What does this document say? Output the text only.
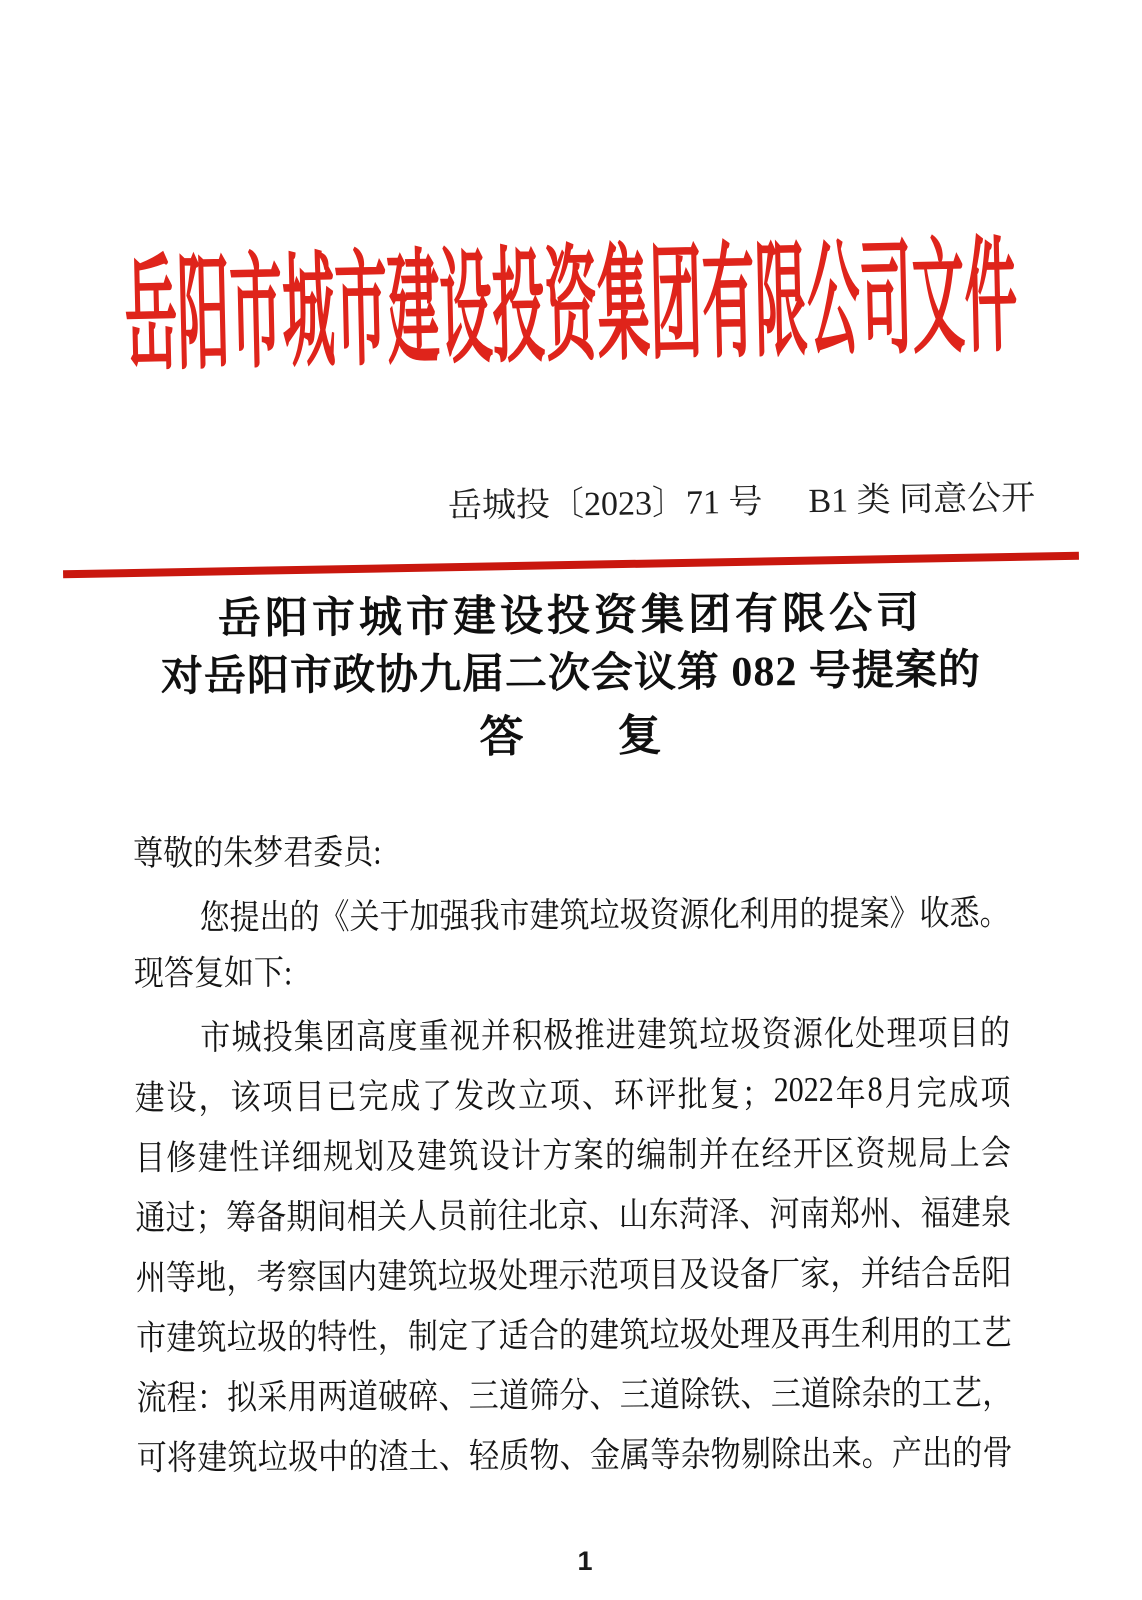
岳阳市城市建设投资集团有限公司文件
岳城投〔2023〕71 号 B1 类 同意公开
岳阳市城市建设投资集团有限公司
对岳阳市政协九届二次会议第 082 号提案的
答　　复
尊敬的朱梦君委员:
您 提 出 的 《 关 于 加 强 我 市 建 筑 垃 圾 资 源 化 利 用 的 提 案 》 收 悉 。
现答复如下:
市 城 投 集 团 高 度 重 视 并 积 极 推 进 建 筑 垃 圾 资 源 化 处 理 项 目 的
建 设 ， 该 项 目 已 完 成 了 发 改 立 项 、 环 评 批 复 ； 2022 年 8 月 完 成 项
目 修 建 性 详 细 规 划 及 建 筑 设 计 方 案 的 编 制 并 在 经 开 区 资 规 局 上 会
通 过 ； 筹 备 期 间 相 关 人 员 前 往 北 京 、 山 东 菏 泽 、 河 南 郑 州 、 福 建 泉
州 等 地 ， 考 察 国 内 建 筑 垃 圾 处 理 示 范 项 目 及 设 备 厂 家 ， 并 结 合 岳 阳
市 建 筑 垃 圾 的 特 性 ， 制 定 了 适 合 的 建 筑 垃 圾 处 理 及 再 生 利 用 的 工 艺
流 程 ： 拟 采 用 两 道 破 碎 、 三 道 筛 分 、 三 道 除 铁 、 三 道 除 杂 的 工 艺 ，
可 将 建 筑 垃 圾 中 的 渣 土 、 轻 质 物 、 金 属 等 杂 物 剔 除 出 来 。 产 出 的 骨
1
